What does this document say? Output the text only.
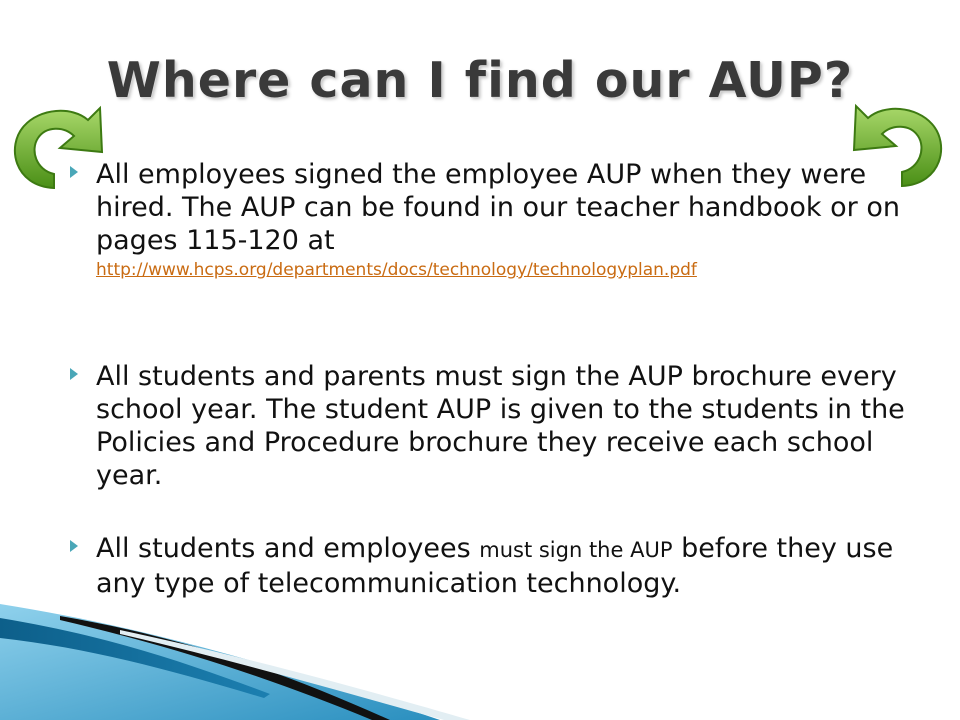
Where can I find our AUP?
All employees signed the employee AUP when they were hired. The AUP can be found in our teacher handbook or on pages 115-120 at
http://www.hcps.org/departments/docs/technology/technologyplan.pdf
All students and parents must sign the AUP brochure every school year. The student AUP is given to the students in the Policies and Procedure brochure they receive each school year.
All students and employees must sign the AUP before they use any type of telecommunication technology.
